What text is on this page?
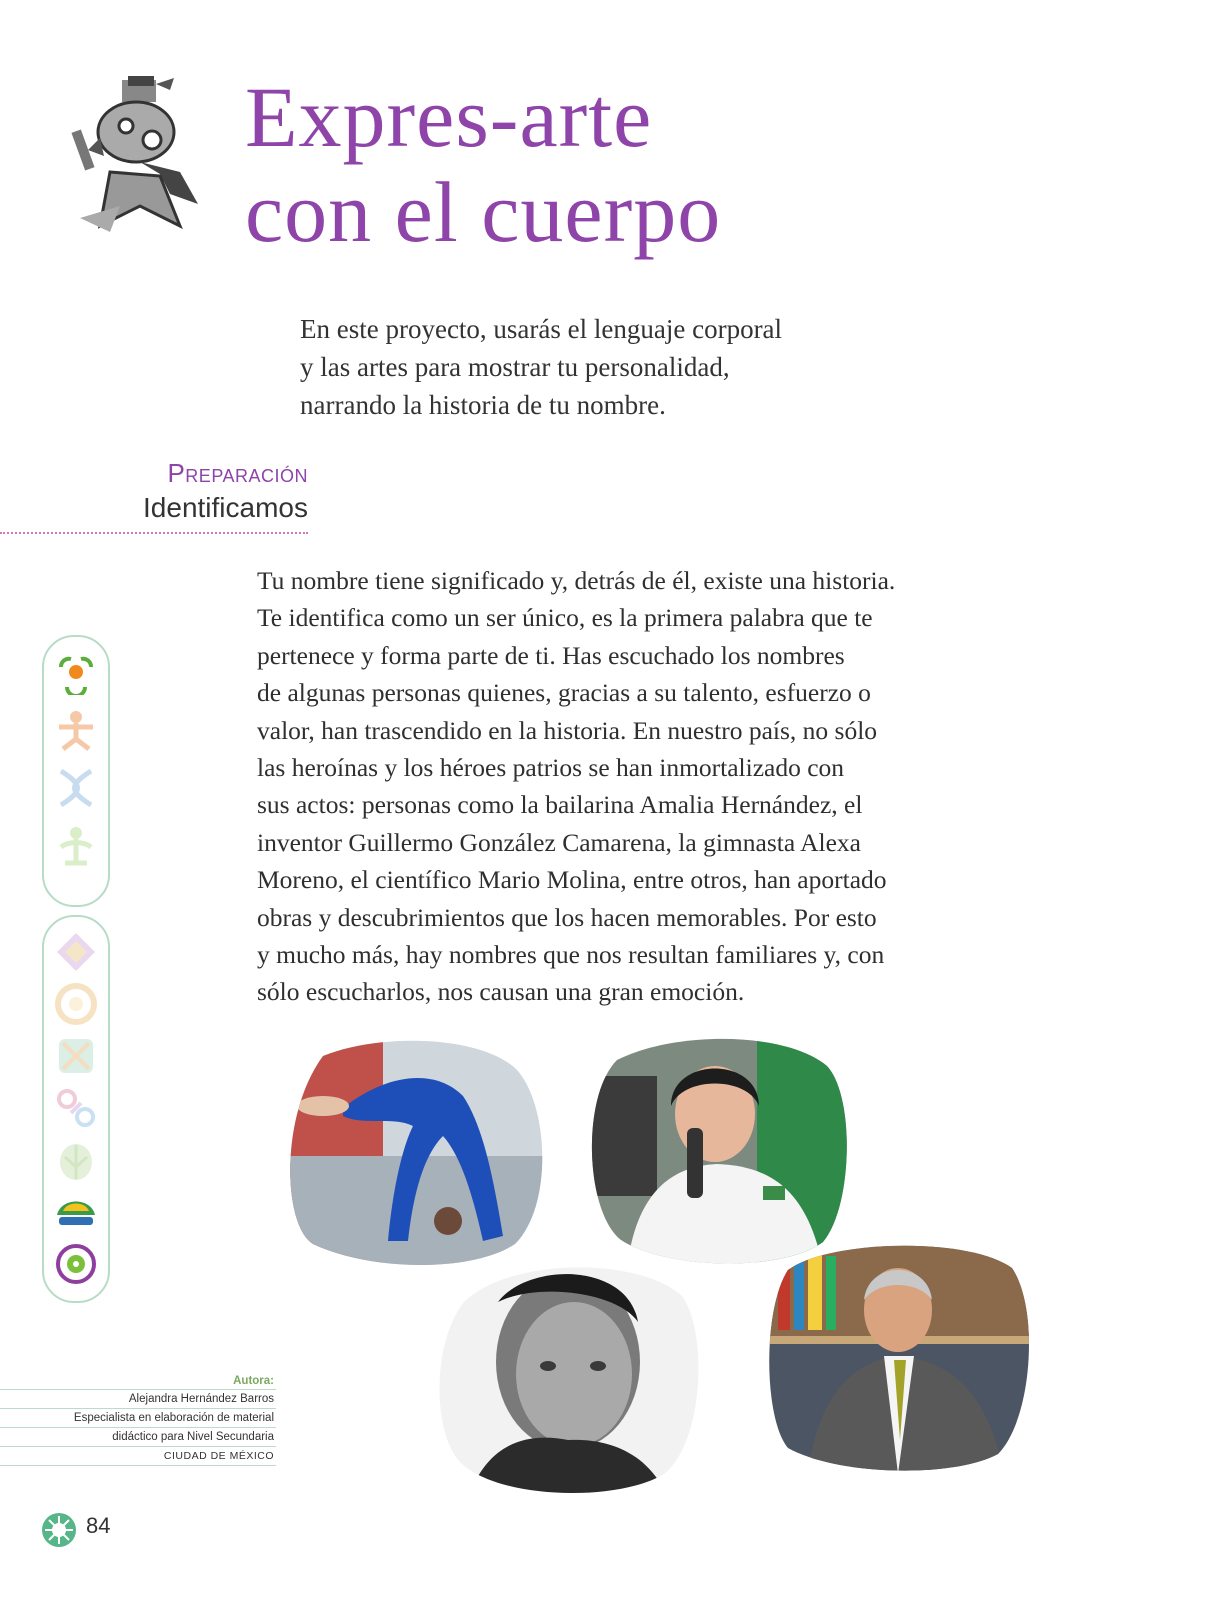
Expres-arte
con el cuerpo
En este proyecto, usarás el lenguaje corporal
y las artes para mostrar tu personalidad,
narrando la historia de tu nombre.
Preparación
Identificamos
Tu nombre tiene significado y, detrás de él, existe una historia.
Te identifica como un ser único, es la primera palabra que te
pertenece y forma parte de ti. Has escuchado los nombres
de algunas personas quienes, gracias a su talento, esfuerzo o
valor, han trascendido en la historia. En nuestro país, no sólo
las heroínas y los héroes patrios se han inmortalizado con
sus actos: personas como la bailarina Amalia Hernández, el
inventor Guillermo González Camarena, la gimnasta Alexa
Moreno, el científico Mario Molina, entre otros, han aportado
obras y descubrimientos que los hacen memorables. Por esto
y mucho más, hay nombres que nos resultan familiares y, con
sólo escucharlos, nos causan una gran emoción.
Autora:
Alejandra Hernández Barros
Especialista en elaboración de material
didáctico para Nivel Secundaria
CIUDAD DE MÉXICO
84
